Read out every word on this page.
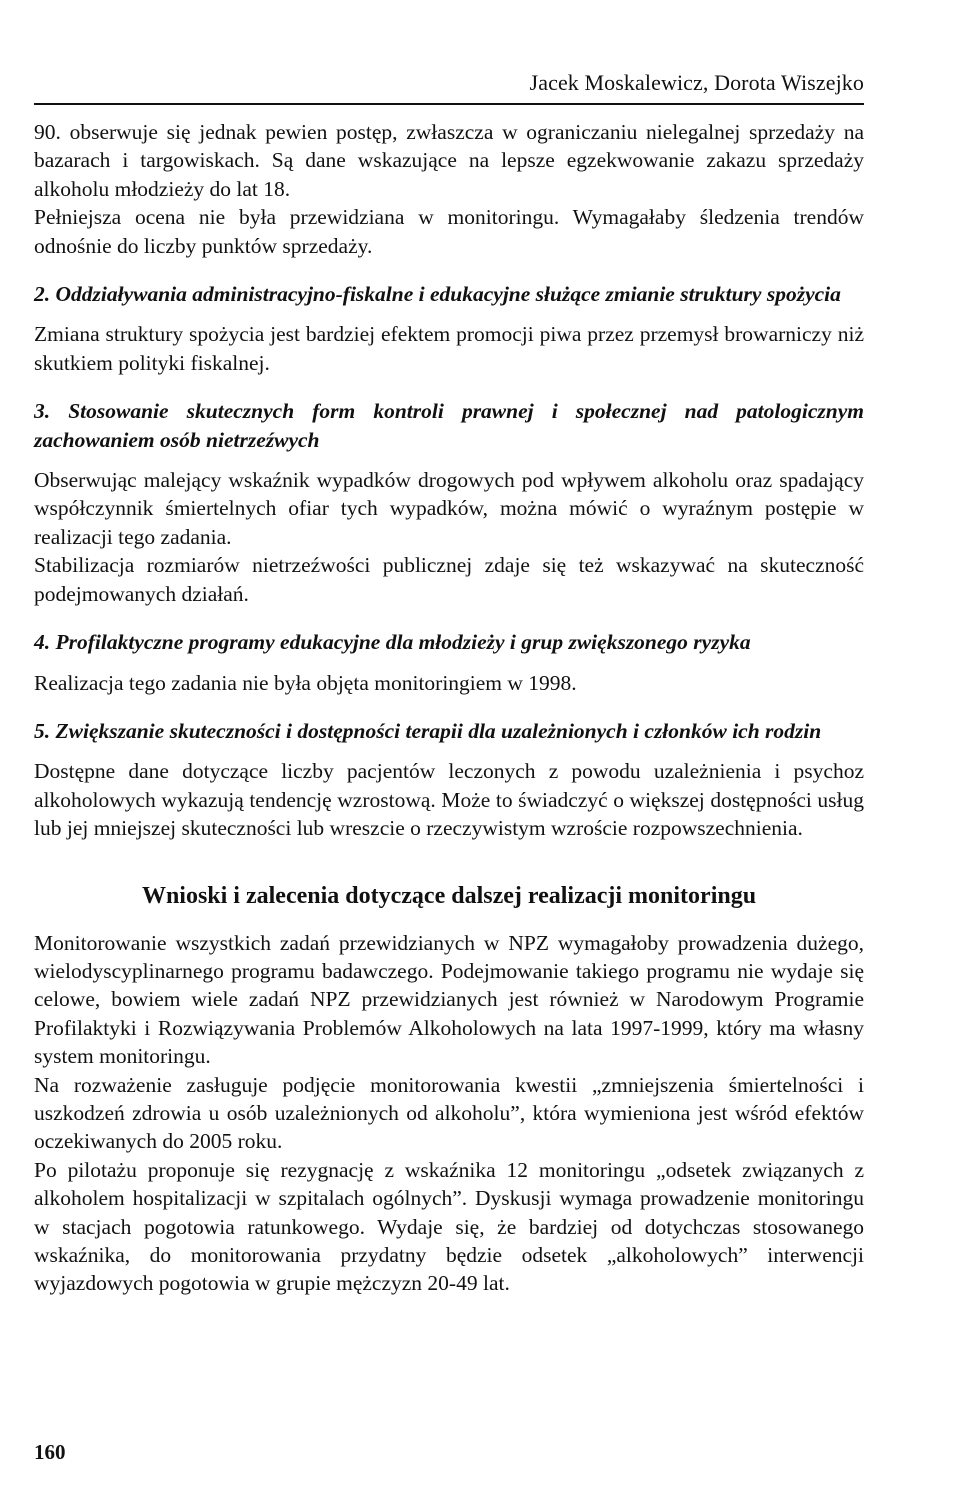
Jacek Moskalewicz, Dorota Wiszejko

90. obserwuje się jednak pewien postęp, zwłaszcza w ograniczaniu nielegalnej sprzedaży na bazarach i targowiskach. Są dane wskazujące na lepsze egzekwowanie zakazu sprzedaży alkoholu młodzieży do lat 18.

Pełniejsza ocena nie była przewidziana w monitoringu. Wymagałaby śledzenia trendów odnośnie do liczby punktów sprzedaży.

2. Oddziaływania administracyjno-fiskalne i edukacyjne służące zmianie struktury spożycia

Zmiana struktury spożycia jest bardziej efektem promocji piwa przez przemysł browarniczy niż skutkiem polityki fiskalnej.

3. Stosowanie skutecznych form kontroli prawnej i społecznej nad patologicznym zachowaniem osób nietrzeźwych

Obserwując malejący wskaźnik wypadków drogowych pod wpływem alkoholu oraz spadający współczynnik śmiertelnych ofiar tych wypadków, można mówić o wyraźnym postępie w realizacji tego zadania.

Stabilizacja rozmiarów nietrzeźwości publicznej zdaje się też wskazywać na skuteczność podejmowanych działań.

4. Profilaktyczne programy edukacyjne dla młodzieży i grup zwiększonego ryzyka

Realizacja tego zadania nie była objęta monitoringiem w 1998.

5. Zwiększanie skuteczności i dostępności terapii dla uzależnionych i członków ich rodzin

Dostępne dane dotyczące liczby pacjentów leczonych z powodu uzależnienia i psychoz alkoholowych wykazują tendencję wzrostową. Może to świadczyć o większej dostępności usług lub jej mniejszej skuteczności lub wreszcie o rzeczywistym wzroście rozpowszechnienia.

Wnioski i zalecenia dotyczące dalszej realizacji monitoringu

Monitorowanie wszystkich zadań przewidzianych w NPZ wymagałoby prowadzenia dużego, wielodyscyplinarnego programu badawczego. Podejmowanie takiego programu nie wydaje się celowe, bowiem wiele zadań NPZ przewidzianych jest również w Narodowym Programie Profilaktyki i Rozwiązywania Problemów Alkoholowych na lata 1997-1999, który ma własny system monitoringu.

Na rozważenie zasługuje podjęcie monitorowania kwestii „zmniejszenia śmiertelności i uszkodzeń zdrowia u osób uzależnionych od alkoholu”, która wymieniona jest wśród efektów oczekiwanych do 2005 roku.

Po pilotażu proponuje się rezygnację z wskaźnika 12 monitoringu „odsetek związanych z alkoholem hospitalizacji w szpitalach ogólnych”. Dyskusji wymaga prowadzenie monitoringu w stacjach pogotowia ratunkowego. Wydaje się, że bardziej od dotychczas stosowanego wskaźnika, do monitorowania przydatny będzie odsetek „alkoholowych” interwencji wyjazdowych pogotowia w grupie mężczyzn 20-49 lat.

160
